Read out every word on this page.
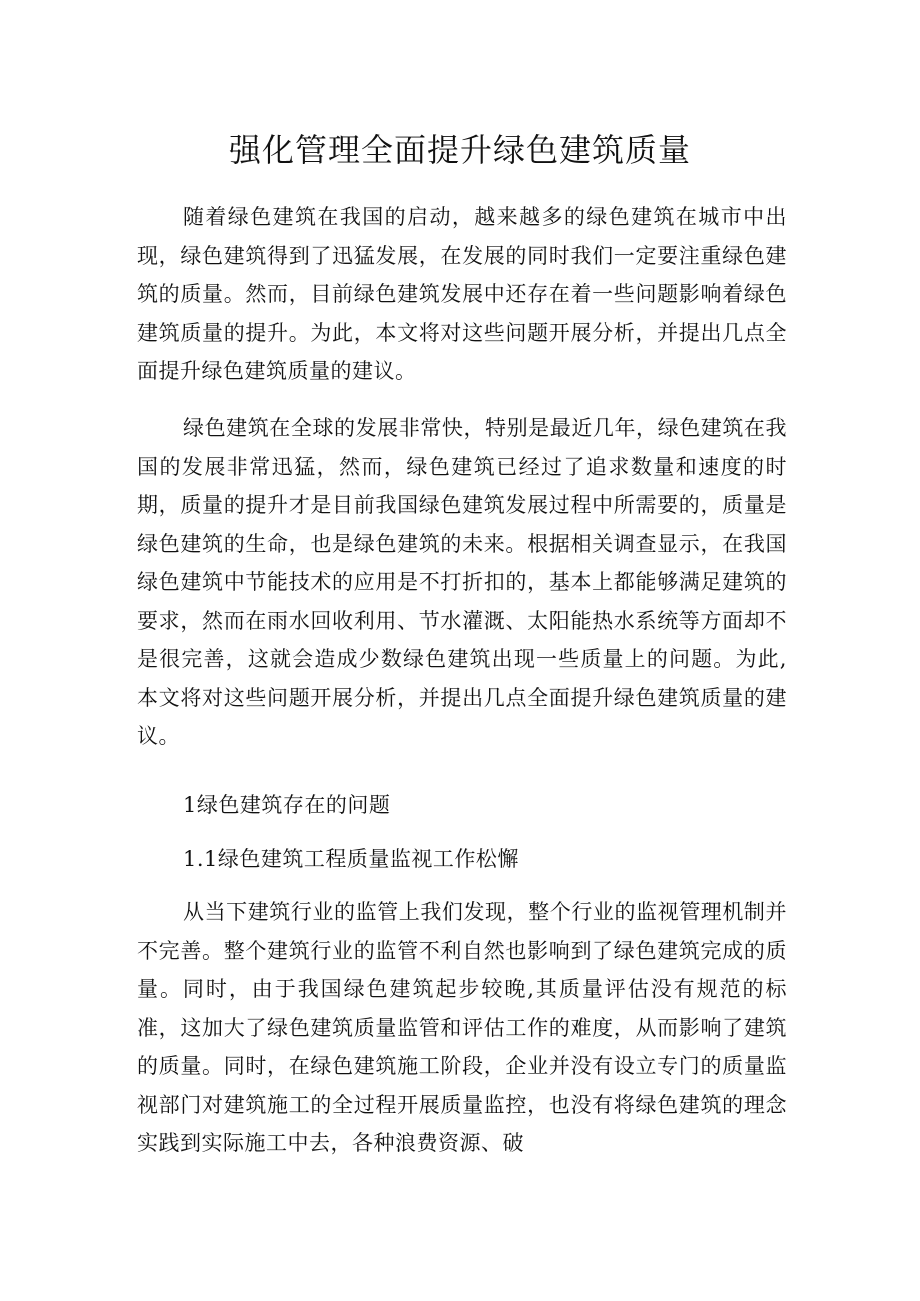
强化管理全面提升绿色建筑质量

随着绿色建筑在我国的启动，越来越多的绿色建筑在城市中出现，绿色建筑得到了迅猛发展，在发展的同时我们一定要注重绿色建筑的质量。然而，目前绿色建筑发展中还存在着一些问题影响着绿色建筑质量的提升。为此，本文将对这些问题开展分析，并提出几点全面提升绿色建筑质量的建议。

绿色建筑在全球的发展非常快，特别是最近几年，绿色建筑在我国的发展非常迅猛，然而，绿色建筑已经过了追求数量和速度的时期，质量的提升才是目前我国绿色建筑发展过程中所需要的，质量是绿色建筑的生命，也是绿色建筑的未来。根据相关调查显示，在我国绿色建筑中节能技术的应用是不打折扣的，基本上都能够满足建筑的要求，然而在雨水回收利用、节水灌溉、太阳能热水系统等方面却不是很完善，这就会造成少数绿色建筑出现一些质量上的问题。为此,本文将对这些问题开展分析，并提出几点全面提升绿色建筑质量的建议。

1绿色建筑存在的问题

1.1绿色建筑工程质量监视工作松懈

从当下建筑行业的监管上我们发现，整个行业的监视管理机制并不完善。整个建筑行业的监管不利自然也影响到了绿色建筑完成的质量。同时，由于我国绿色建筑起步较晚,其质量评估没有规范的标准，这加大了绿色建筑质量监管和评估工作的难度，从而影响了建筑的质量。同时，在绿色建筑施工阶段，企业并没有设立专门的质量监视部门对建筑施工的全过程开展质量监控，也没有将绿色建筑的理念实践到实际施工中去，各种浪费资源、破
